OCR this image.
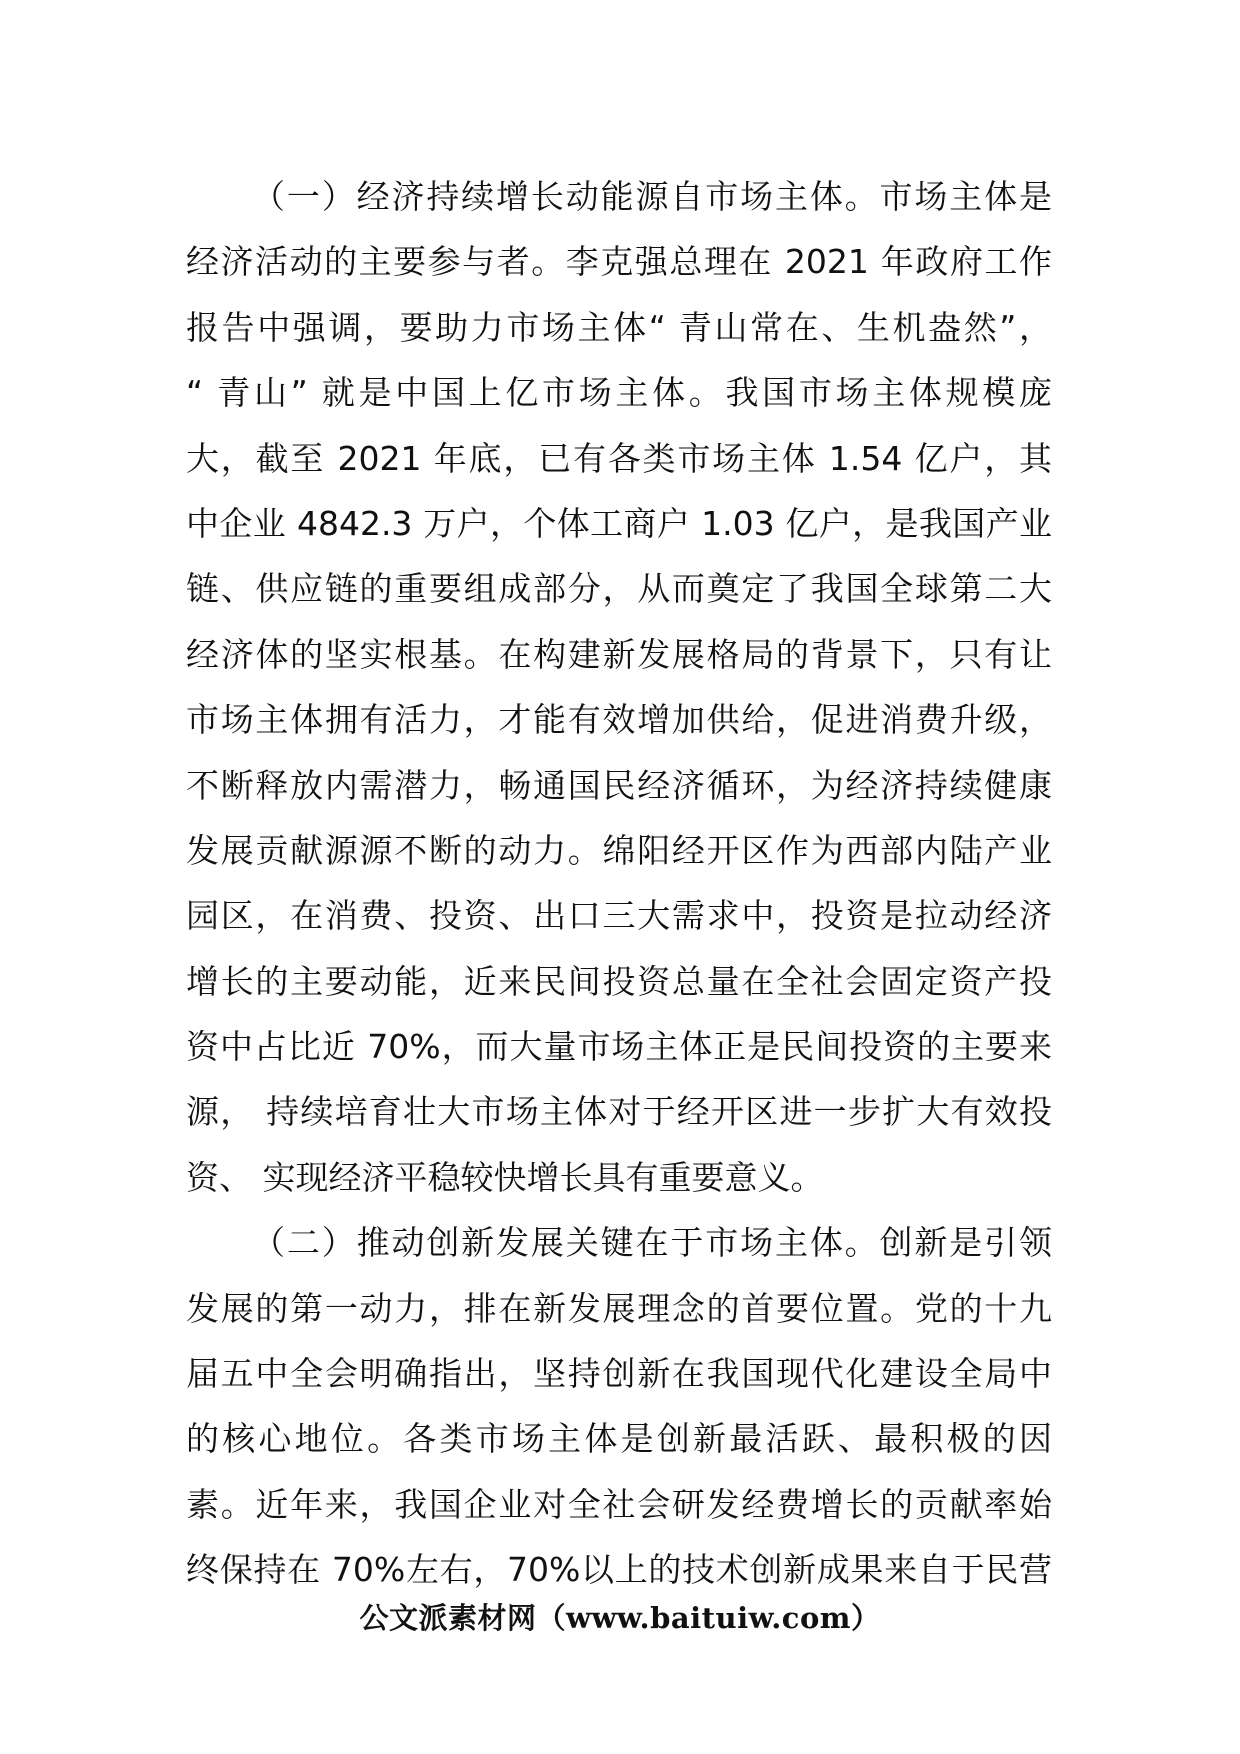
（一）经济持续增长动能源自市场主体。市场主体是
经济活动的主要参与者。李克强总理在 2021 年政府工作
报告中强调，要助力市场主体“ 青山常在、生机盎然”，
“ 青山” 就是中国上亿市场主体。我国市场主体规模庞
大，截至 2021 年底，已有各类市场主体 1.54 亿户，其
中企业 4842.3 万户，个体工商户 1.03 亿户，是我国产业
链、供应链的重要组成部分，从而奠定了我国全球第二大
经济体的坚实根基。在构建新发展格局的背景下，只有让
市场主体拥有活力，才能有效增加供给，促进消费升级，
不断释放内需潜力，畅通国民经济循环，为经济持续健康
发展贡献源源不断的动力。绵阳经开区作为西部内陆产业
园区，在消费、投资、出口三大需求中，投资是拉动经济
增长的主要动能，近来民间投资总量在全社会固定资产投
资中占比近 70%，而大量市场主体正是民间投资的主要来
源， 持续培育壮大市场主体对于经开区进一步扩大有效投
资、 实现经济平稳较快增长具有重要意义。
（二）推动创新发展关键在于市场主体。创新是引领
发展的第一动力，排在新发展理念的首要位置。党的十九
届五中全会明确指出，坚持创新在我国现代化建设全局中
的核心地位。各类市场主体是创新最活跃、最积极的因
素。近年来，我国企业对全社会研发经费增长的贡献率始
终保持在 70%左右，70%以上的技术创新成果来自于民营
公文派素材网（www.baituiw.com）
